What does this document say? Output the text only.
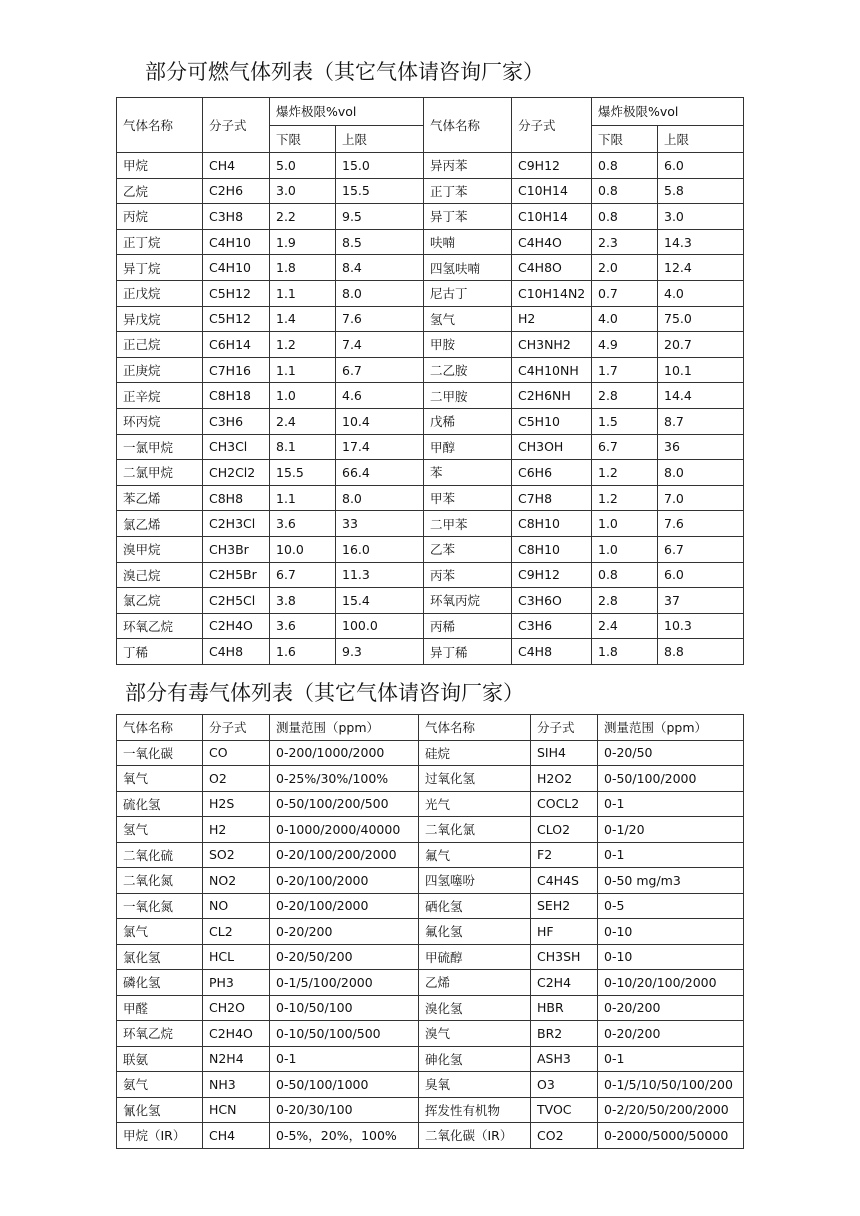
部分可燃气体列表（其它气体请咨询厂家）
气体名称	分子式	爆炸极限%vol		气体名称	分子式	爆炸极限%vol	
		下限	上限			下限	上限
甲烷	CH4	5.0	15.0	异丙苯	C9H12	0.8	6.0
乙烷	C2H6	3.0	15.5	正丁苯	C10H14	0.8	5.8
丙烷	C3H8	2.2	9.5	异丁苯	C10H14	0.8	3.0
正丁烷	C4H10	1.9	8.5	呋喃	C4H4O	2.3	14.3
异丁烷	C4H10	1.8	8.4	四氢呋喃	C4H8O	2.0	12.4
正戊烷	C5H12	1.1	8.0	尼古丁	C10H14N2	0.7	4.0
异戊烷	C5H12	1.4	7.6	氢气	H2	4.0	75.0
正己烷	C6H14	1.2	7.4	甲胺	CH3NH2	4.9	20.7
正庚烷	C7H16	1.1	6.7	二乙胺	C4H10NH	1.7	10.1
正辛烷	C8H18	1.0	4.6	二甲胺	C2H6NH	2.8	14.4
环丙烷	C3H6	2.4	10.4	戊稀	C5H10	1.5	8.7
一氯甲烷	CH3Cl	8.1	17.4	甲醇	CH3OH	6.7	36
二氯甲烷	CH2Cl2	15.5	66.4	苯	C6H6	1.2	8.0
苯乙烯	C8H8	1.1	8.0	甲苯	C7H8	1.2	7.0
氯乙烯	C2H3Cl	3.6	33	二甲苯	C8H10	1.0	7.6
溴甲烷	CH3Br	10.0	16.0	乙苯	C8H10	1.0	6.7
溴己烷	C2H5Br	6.7	11.3	丙苯	C9H12	0.8	6.0
氯乙烷	C2H5Cl	3.8	15.4	环氧丙烷	C3H6O	2.8	37
环氧乙烷	C2H4O	3.6	100.0	丙稀	C3H6	2.4	10.3
丁稀	C4H8	1.6	9.3	异丁稀	C4H8	1.8	8.8
部分有毒气体列表（其它气体请咨询厂家）
气体名称	分子式	测量范围（ppm）	气体名称	分子式	测量范围（ppm）
一氧化碳	CO	0-200/1000/2000	硅烷	SIH4	0-20/50
氧气	O2	0-25%/30%/100%	过氧化氢	H2O2	0-50/100/2000
硫化氢	H2S	0-50/100/200/500	光气	COCL2	0-1
氢气	H2	0-1000/2000/40000	二氧化氯	CLO2	0-1/20
二氧化硫	SO2	0-20/100/200/2000	氟气	F2	0-1
二氧化氮	NO2	0-20/100/2000	四氢噻吩	C4H4S	0-50 mg/m3
一氧化氮	NO	0-20/100/2000	硒化氢	SEH2	0-5
氯气	CL2	0-20/200	氟化氢	HF	0-10
氯化氢	HCL	0-20/50/200	甲硫醇	CH3SH	0-10
磷化氢	PH3	0-1/5/100/2000	乙烯	C2H4	0-10/20/100/2000
甲醛	CH2O	0-10/50/100	溴化氢	HBR	0-20/200
环氧乙烷	C2H4O	0-10/50/100/500	溴气	BR2	0-20/200
联氨	N2H4	0-1	砷化氢	ASH3	0-1
氨气	NH3	0-50/100/1000	臭氧	O3	0-1/5/10/50/100/200
氰化氢	HCN	0-20/30/100	挥发性有机物	TVOC	0-2/20/50/200/2000
甲烷（IR）	CH4	0-5%，20%，100%	二氧化碳（IR）	CO2	0-2000/5000/50000
